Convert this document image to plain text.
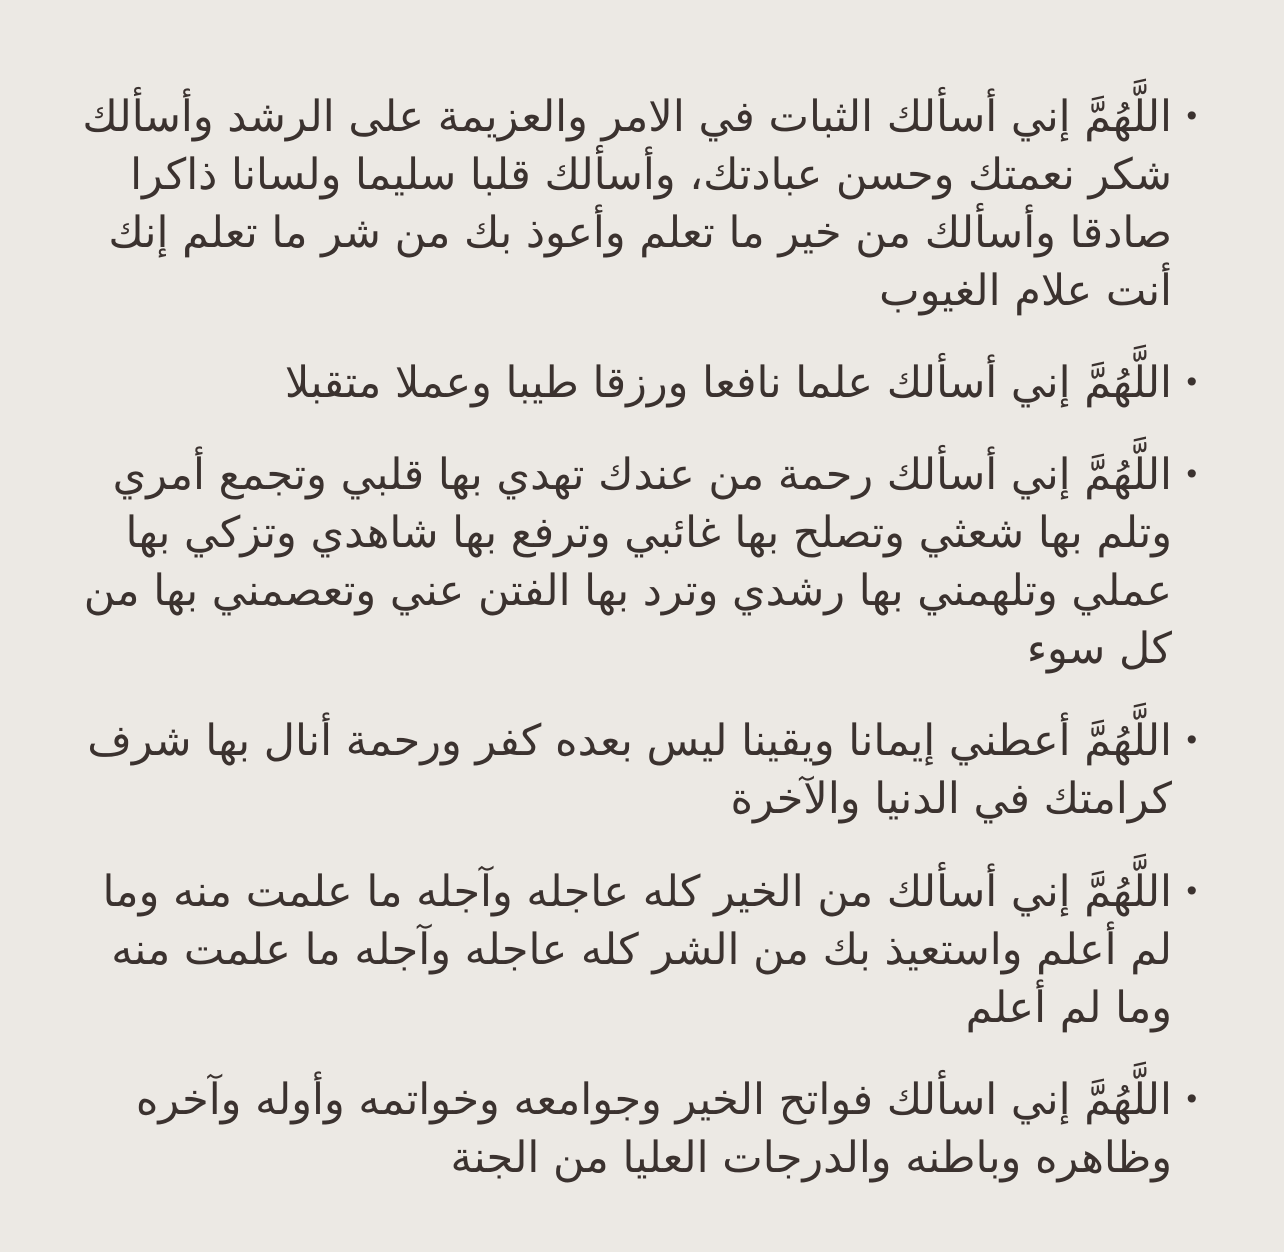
• اللَّهُمَّ إني أسألك الثبات في الامر والعزيمة على الرشد وأسألك شكر نعمتك وحسن عبادتك، وأسألك قلبا سليما ولسانا ذاكرا صادقا وأسألك من خير ما تعلم وأعوذ بك من شر ما تعلم إنك أنت علام الغيوب
• اللَّهُمَّ إني أسألك علما نافعا ورزقا طيبا وعملا متقبلا
• اللَّهُمَّ إني أسألك رحمة من عندك تهدي بها قلبي وتجمع أمري وتلم بها شعثي وتصلح بها غائبي وترفع بها شاهدي وتزكي بها عملي وتلهمني بها رشدي وترد بها الفتن عني وتعصمني بها من كل سوء
• اللَّهُمَّ أعطني إيمانا ويقينا ليس بعده كفر ورحمة أنال بها شرف كرامتك في الدنيا والآخرة
• اللَّهُمَّ إني أسألك من الخير كله عاجله وآجله ما علمت منه وما لم أعلم واستعيذ بك من الشر كله عاجله وآجله ما علمت منه وما لم أعلم
• اللَّهُمَّ إني اسألك فواتح الخير وجوامعه وخواتمه وأوله وآخره وظاهره وباطنه والدرجات العليا من الجنة
